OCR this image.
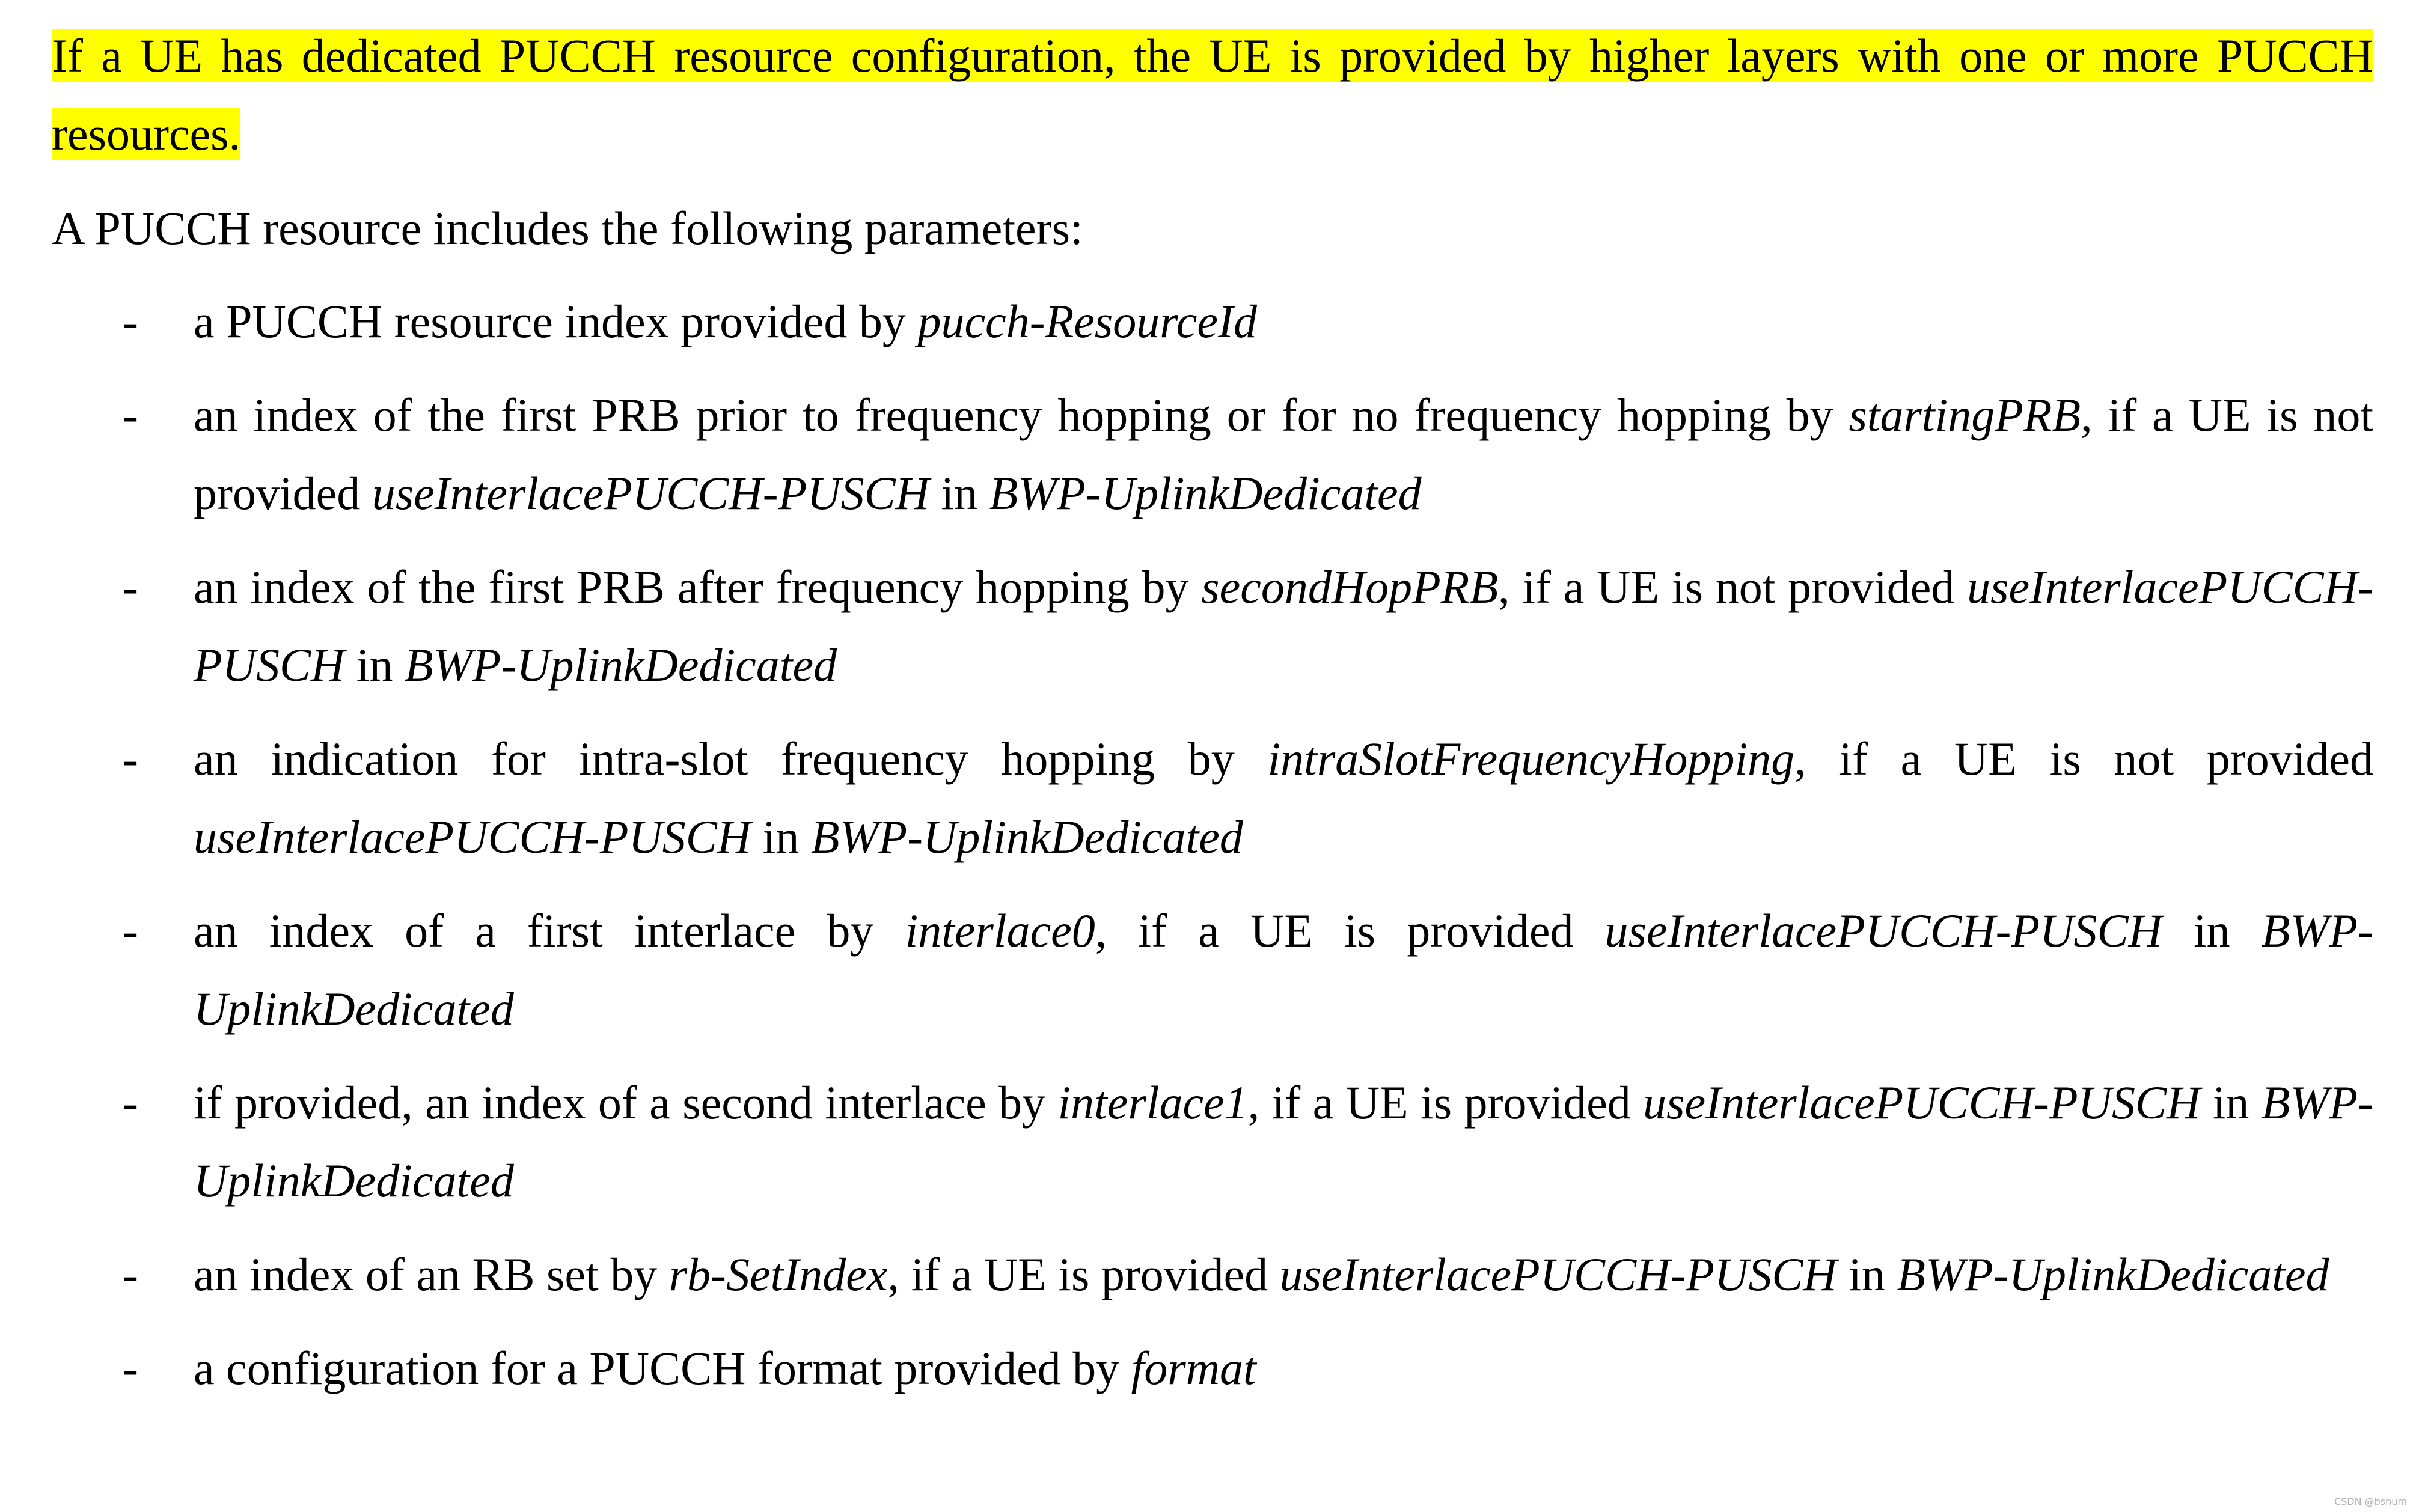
If a UE has dedicated PUCCH resource configuration, the UE is provided by higher layers with one or more PUCCH resources.

A PUCCH resource includes the following parameters:

- a PUCCH resource index provided by pucch-ResourceId
- an index of the first PRB prior to frequency hopping or for no frequency hopping by startingPRB, if a UE is not provided useInterlacePUCCH-PUSCH in BWP-UplinkDedicated
- an index of the first PRB after frequency hopping by secondHopPRB, if a UE is not provided useInterlacePUCCH-PUSCH in BWP-UplinkDedicated
- an indication for intra-slot frequency hopping by intraSlotFrequencyHopping, if a UE is not provided useInterlacePUCCH-PUSCH in BWP-UplinkDedicated
- an index of a first interlace by interlace0, if a UE is provided useInterlacePUCCH-PUSCH in BWP-UplinkDedicated
- if provided, an index of a second interlace by interlace1, if a UE is provided useInterlacePUCCH-PUSCH in BWP-UplinkDedicated
- an index of an RB set by rb-SetIndex, if a UE is provided useInterlacePUCCH-PUSCH in BWP-UplinkDedicated
- a configuration for a PUCCH format provided by format
CSDN @bshum
